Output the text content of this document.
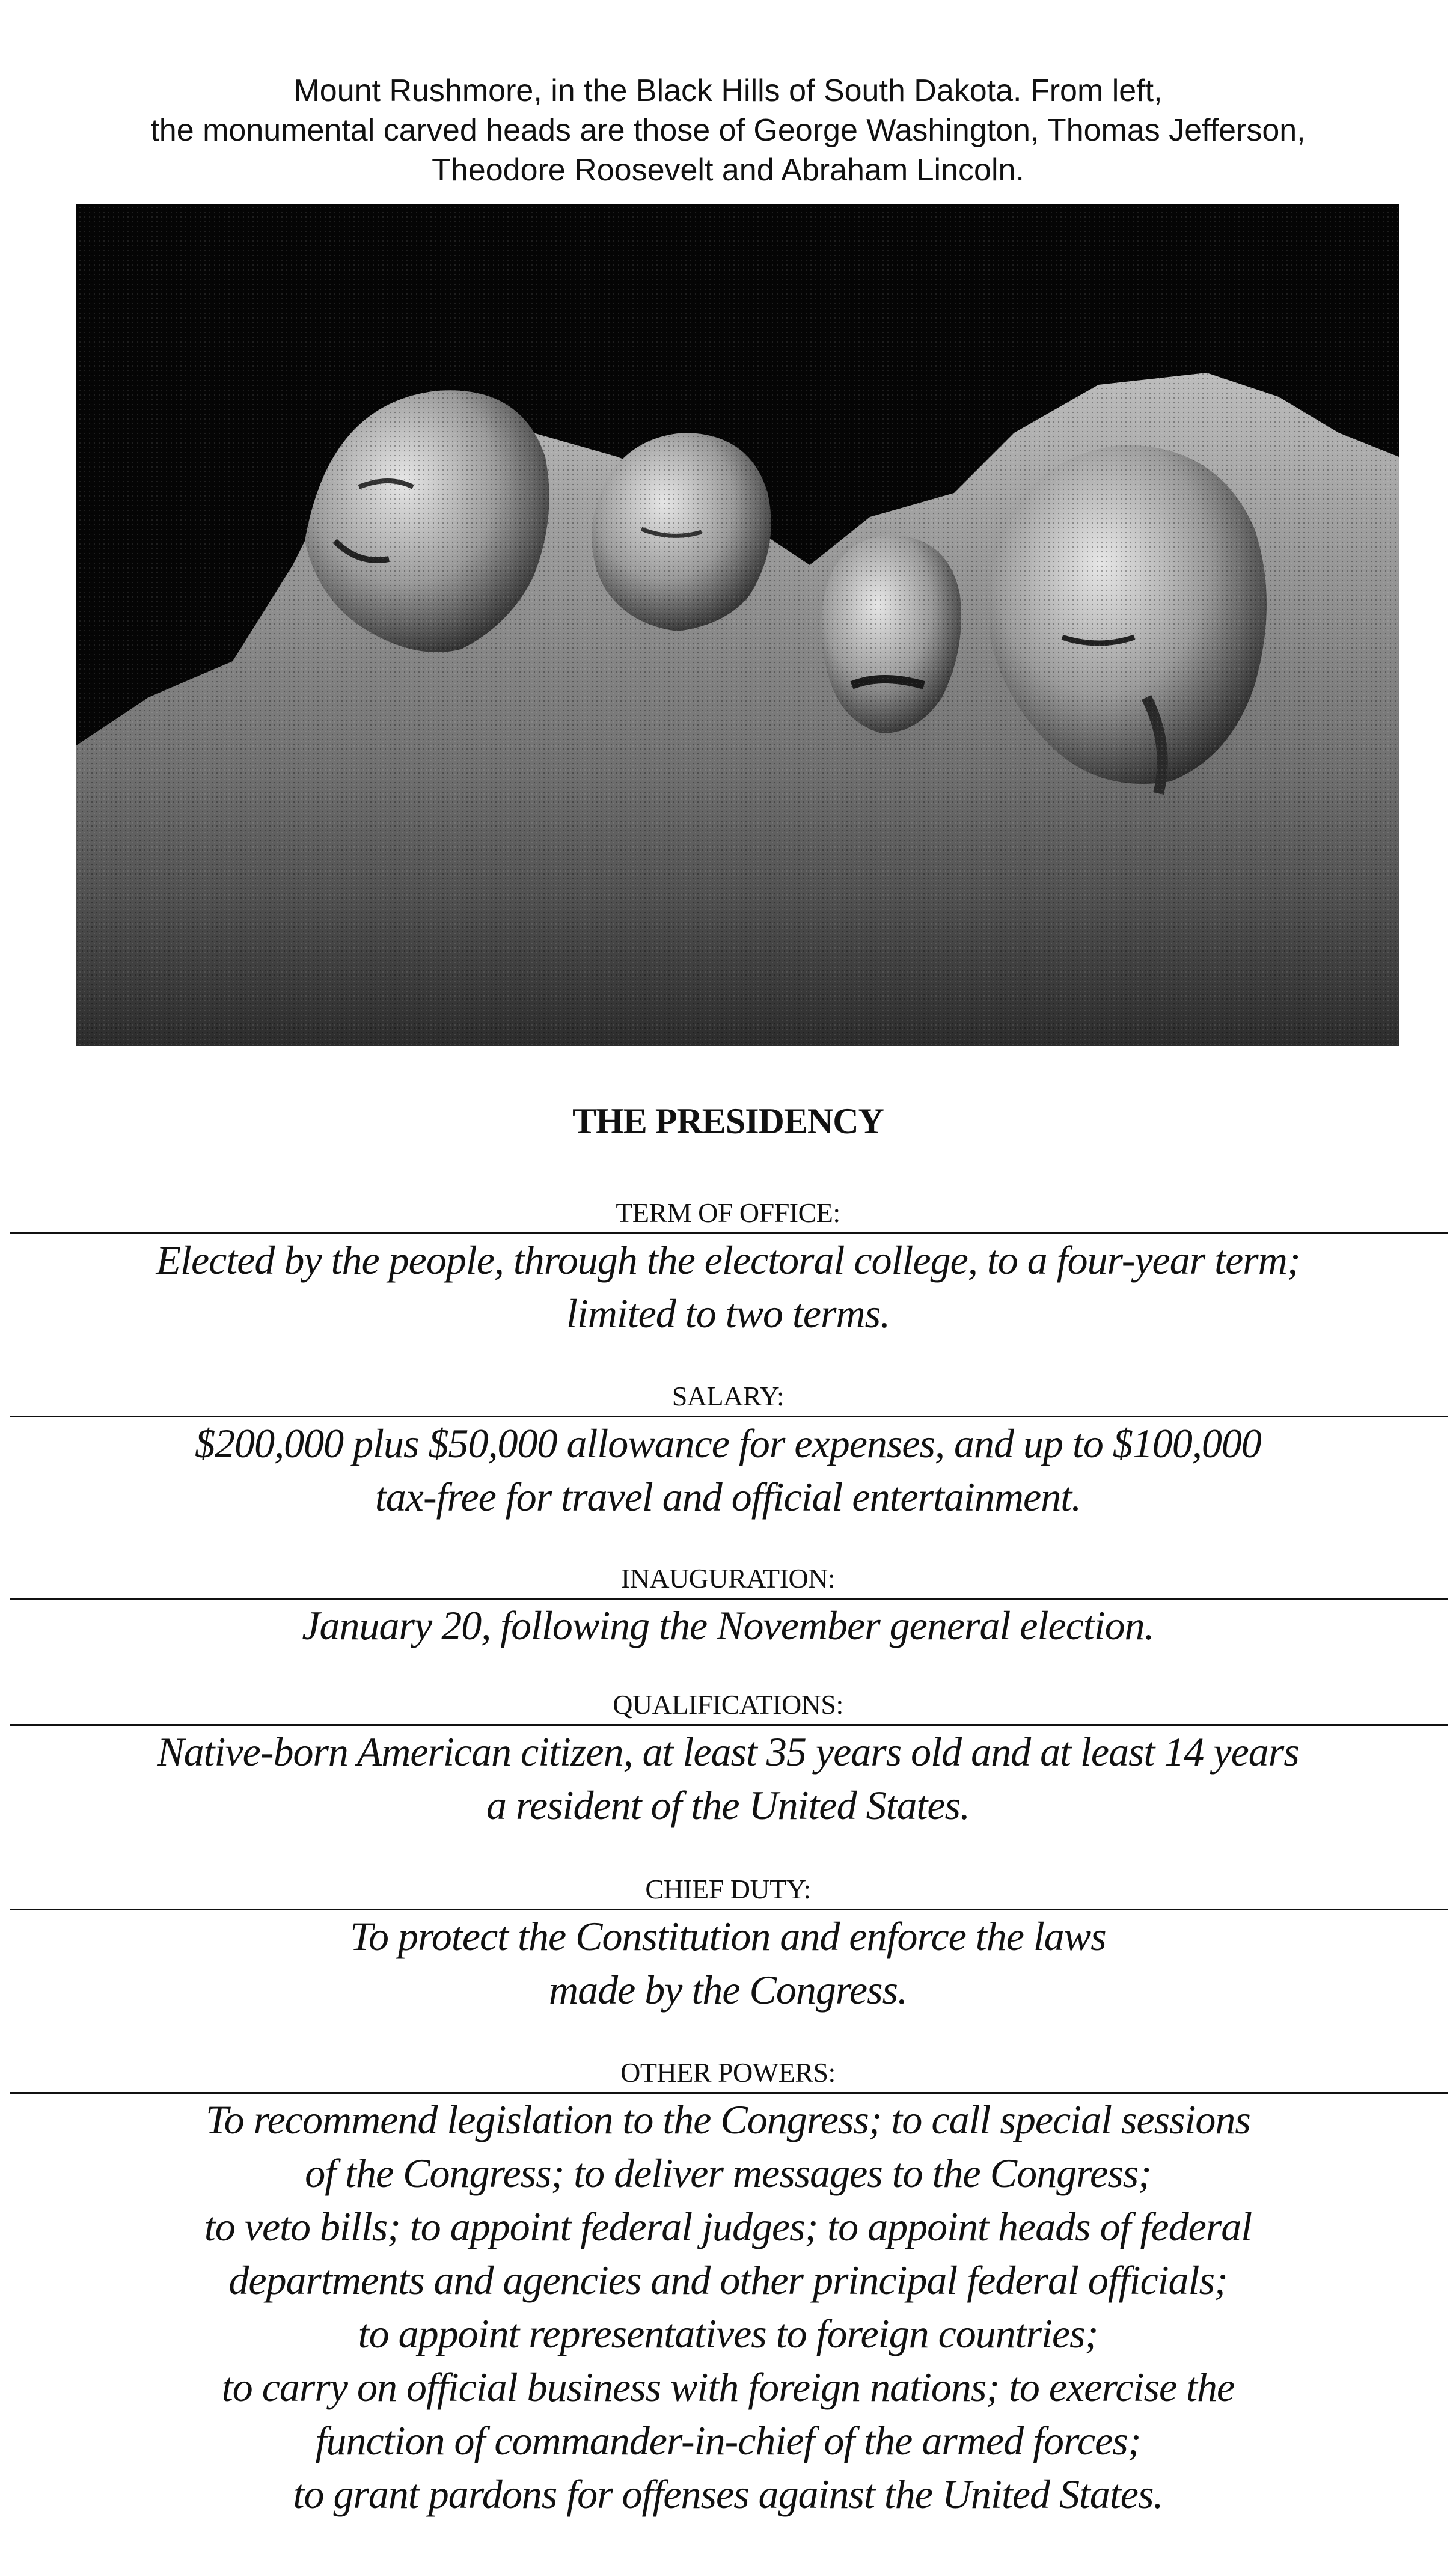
Mount Rushmore, in the Black Hills of South Dakota. From left,
the monumental carved heads are those of George Washington, Thomas Jefferson,
Theodore Roosevelt and Abraham Lincoln.
THE PRESIDENCY
TERM OF OFFICE:
Elected by the people, through the electoral college, to a four-year term;
limited to two terms.
SALARY:
$200,000 plus $50,000 allowance for expenses, and up to $100,000
tax-free for travel and official entertainment.
INAUGURATION:
January 20, following the November general election.
QUALIFICATIONS:
Native-born American citizen, at least 35 years old and at least 14 years
a resident of the United States.
CHIEF DUTY:
To protect the Constitution and enforce the laws
made by the Congress.
OTHER POWERS:
To recommend legislation to the Congress; to call special sessions
of the Congress; to deliver messages to the Congress;
to veto bills; to appoint federal judges; to appoint heads of federal
departments and agencies and other principal federal officials;
to appoint representatives to foreign countries;
to carry on official business with foreign nations; to exercise the
function of commander-in-chief of the armed forces;
to grant pardons for offenses against the United States.
